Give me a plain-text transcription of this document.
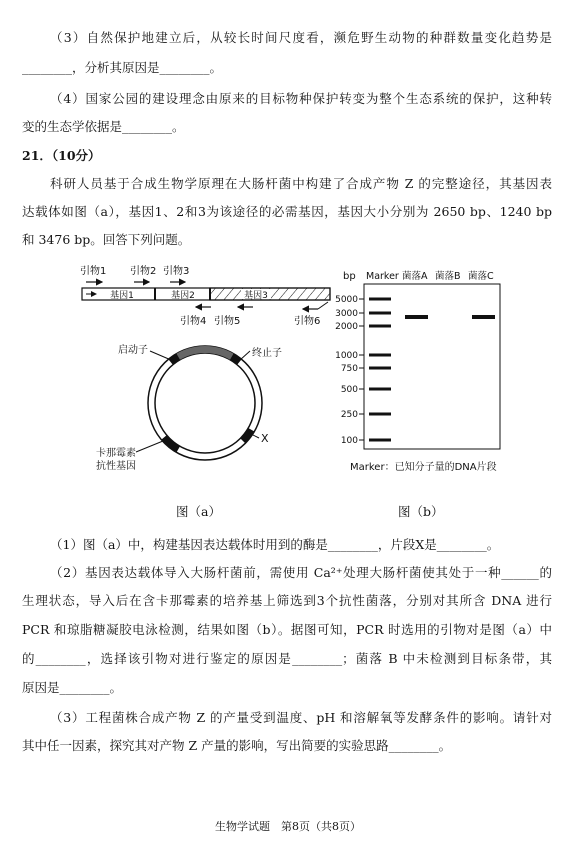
（3）自然保护地建立后，从较长时间尺度看，濒危野生动物的种群数量变化趋势是
________，分析其原因是________。
（4）国家公园的建设理念由原来的目标物种保护转变为整个生态系统的保护，这种转
变的生态学依据是________。
21．（10分）
科研人员基于合成生物学原理在大肠杆菌中构建了合成产物 Z 的完整途径，其基因表
达载体如图（a），基因1、2和3为该途径的必需基因，基因大小分别为 2650 bp、1240 bp
和 3476 bp。回答下列问题。
引物1 引物2 引物3
基因1	基因2	基因3
引物4 引物5	引物6
启动子	终止子
X
卡那霉素
抗性基因
bp Marker 菌落A 菌落B 菌落C
5000
3000
2000
1000
750
500
250
100
Marker：已知分子量的DNA片段
图（a）	图（b）
（1）图（a）中，构建基因表达载体时用到的酶是________，片段X是________。
（2）基因表达载体导入大肠杆菌前，需使用 Ca²⁺处理大肠杆菌使其处于一种______的
生理状态，导入后在含卡那霉素的培养基上筛选到3个抗性菌落，分别对其所含 DNA 进行
PCR 和琼脂糖凝胶电泳检测，结果如图（b）。据图可知，PCR 时选用的引物对是图（a）中
的________，选择该引物对进行鉴定的原因是________；菌落 B 中未检测到目标条带，其
原因是________。
（3）工程菌株合成产物 Z 的产量受到温度、pH 和溶解氧等发酵条件的影响。请针对
其中任一因素，探究其对产物 Z 产量的影响，写出简要的实验思路________。
生物学试题　第8页（共8页）
